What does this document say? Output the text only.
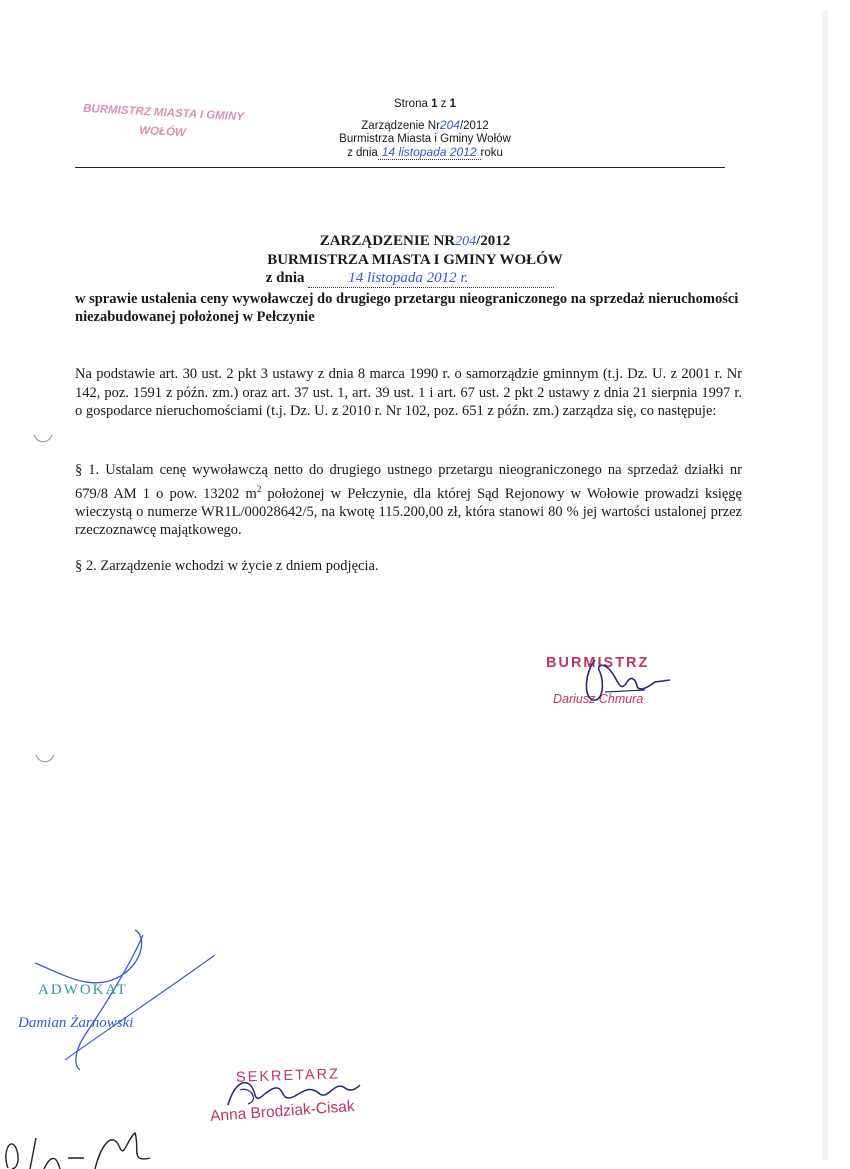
BURMISTRZ MIASTA I GMINY
WOŁÓW
Strona 1 z 1
Zarządzenie Nr204/2012
Burmistrza Miasta i Gminy Wołów
z dnia 14 listopada 2012 roku
ZARZĄDZENIE NR204/2012
BURMISTRZA MIASTA I GMINY WOŁÓW
z dnia	14 listopada 2012 r.
w sprawie ustalenia ceny wywoławczej do drugiego przetargu nieograniczonego na sprzedaż nieruchomości niezabudowanej położonej w Pełczynie
Na podstawie art. 30 ust. 2 pkt 3 ustawy z dnia 8 marca 1990 r. o samorządzie gminnym (t.j. Dz. U. z 2001 r. Nr 142, poz. 1591 z późn. zm.) oraz art. 37 ust. 1, art. 39 ust. 1 i art. 67 ust. 2 pkt 2 ustawy z dnia 21 sierpnia 1997 r. o gospodarce nieruchomościami (t.j. Dz. U. z 2010 r. Nr 102, poz. 651 z późn. zm.) zarządza się, co następuje:
§ 1. Ustalam cenę wywoławczą netto do drugiego ustnego przetargu nieograniczonego na sprzedaż działki nr 679/8 AM 1 o pow. 13202 $m^2$ położonej w Pełczynie, dla której Sąd Rejonowy w Wołowie prowadzi księgę wieczystą o numerze WR1L/00028642/5, na kwotę 115.200,00 zł, która stanowi 80 % jej wartości ustalonej przez rzeczoznawcę majątkowego.
§ 2. Zarządzenie wchodzi w życie z dniem podjęcia.
BURMISTRZ
Dariusz Chmura
ADWOKAT
Damian Żarnowski
SEKRETARZ
Anna Brodziak-Cisak
